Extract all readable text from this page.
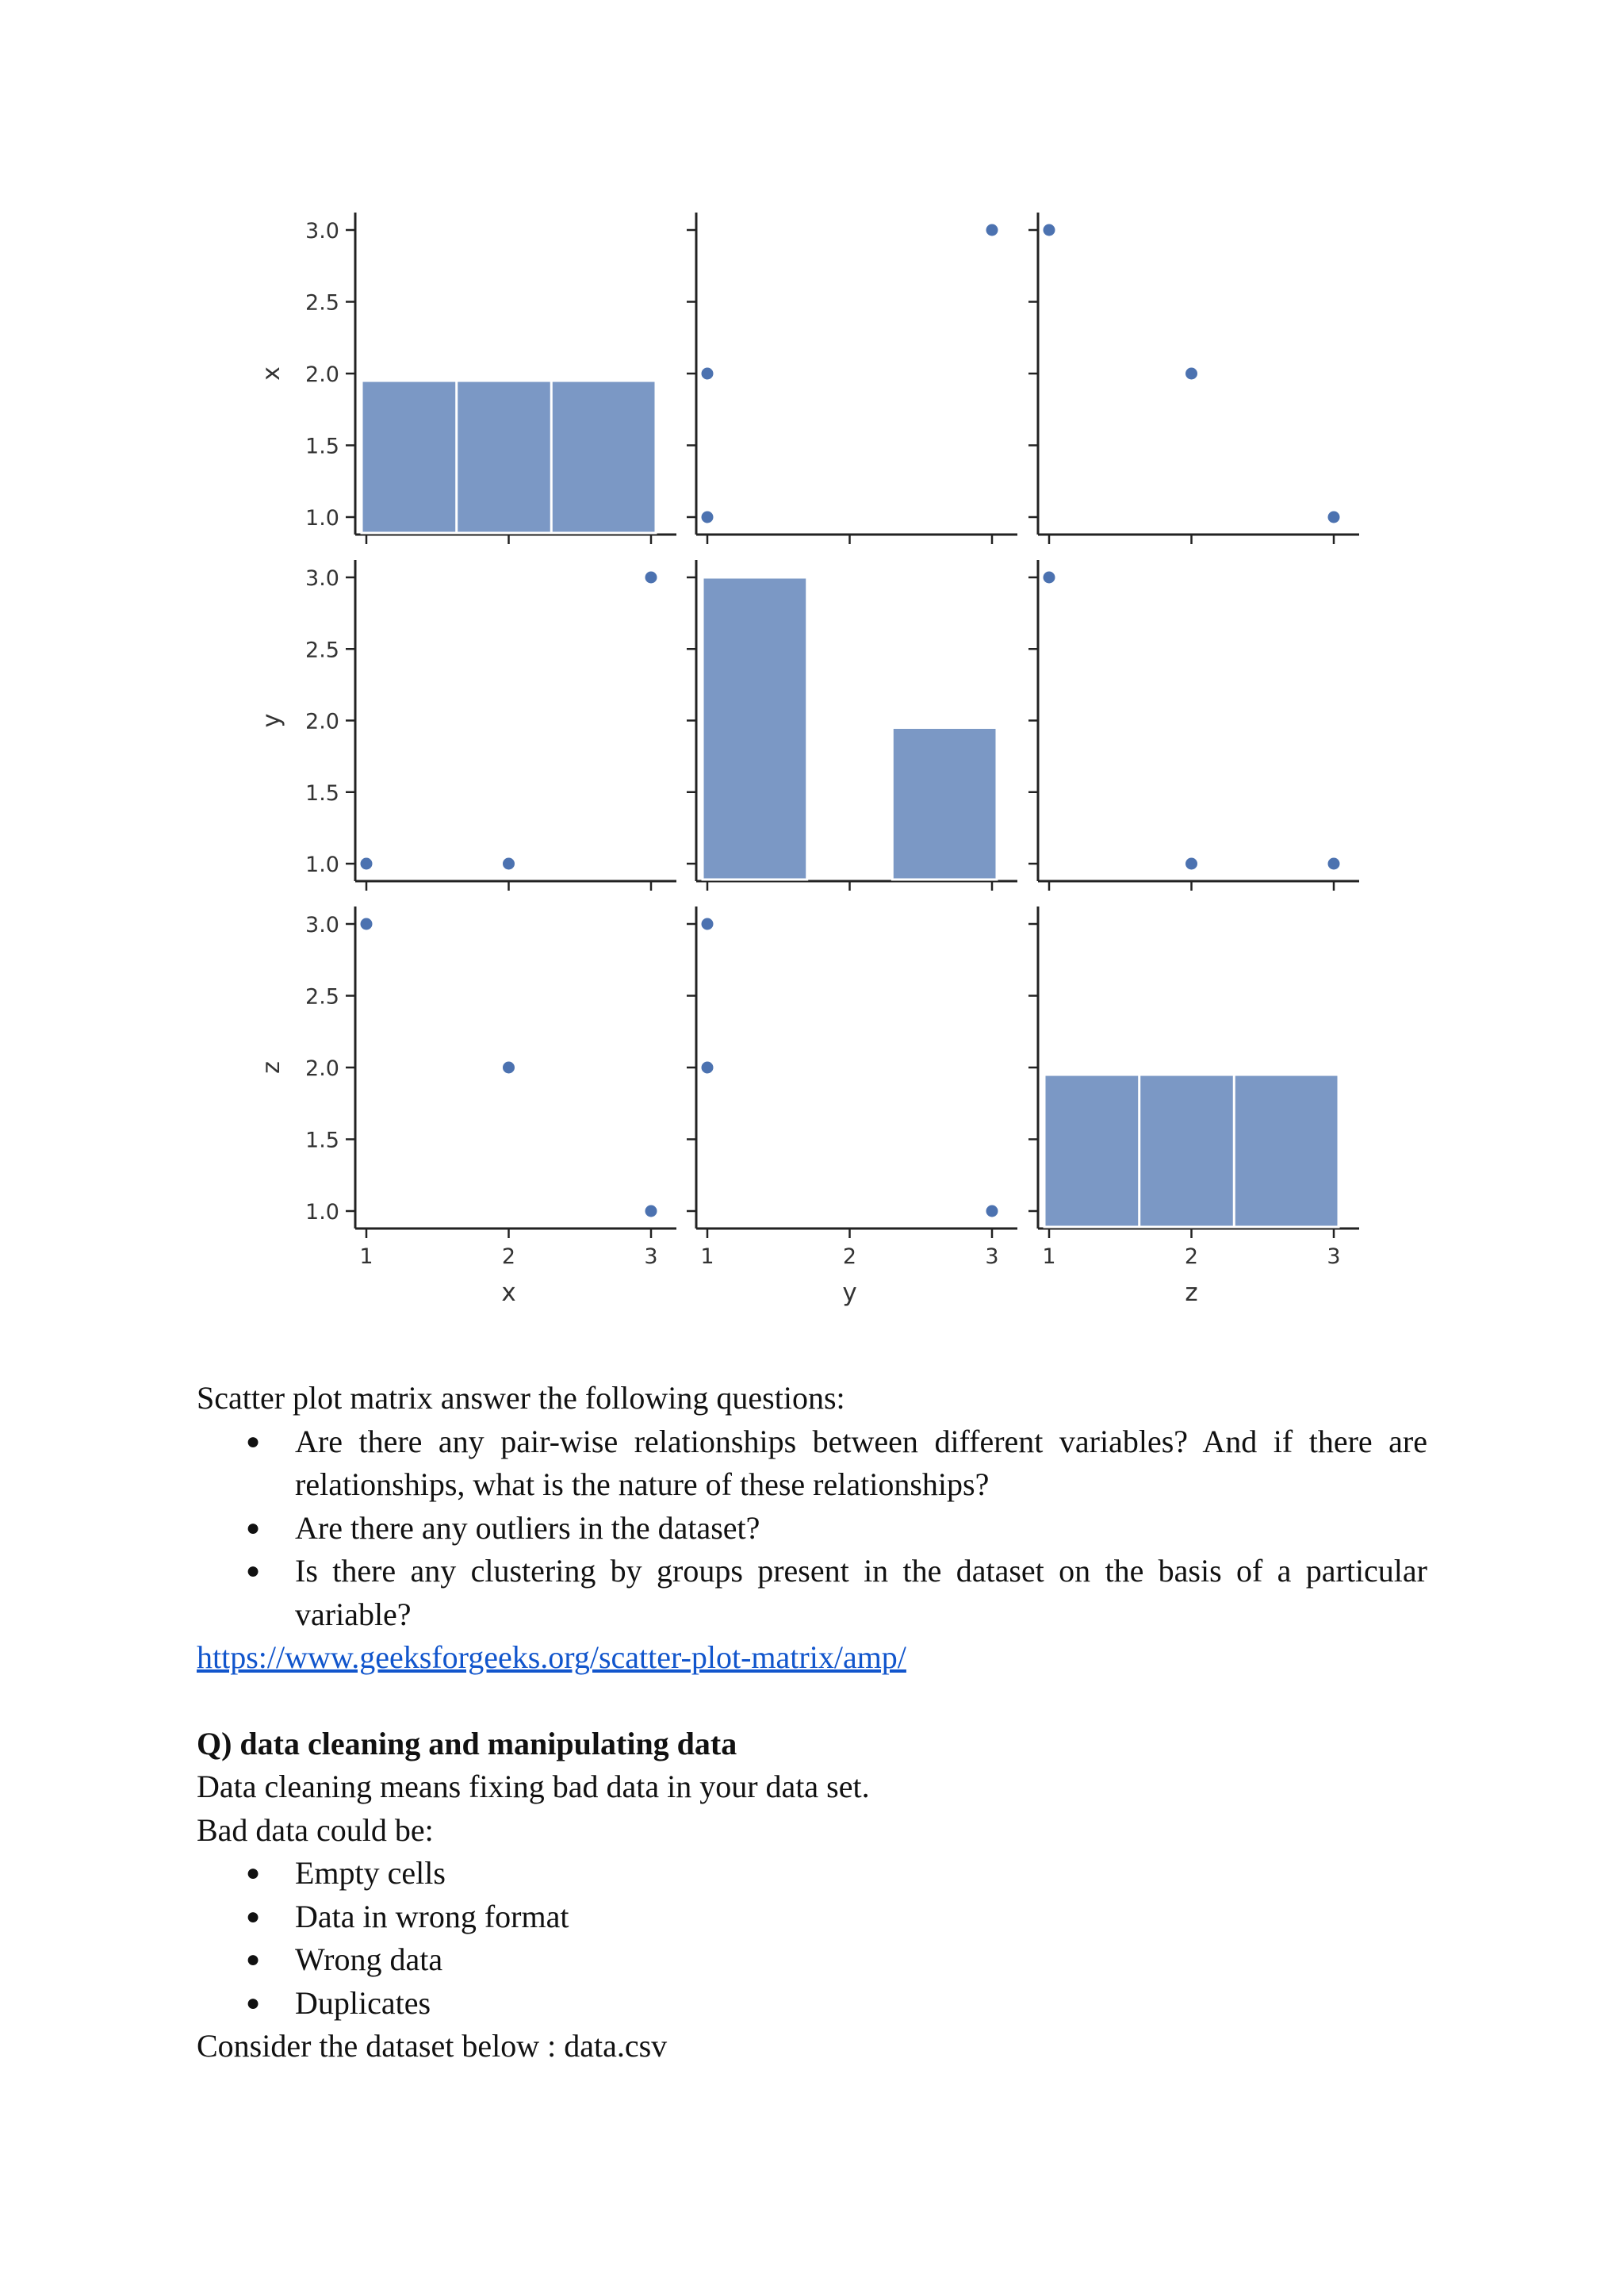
1.0
1.5
2.0
2.5
3.0
x
1.0
1.5
2.0
2.5
3.0
y
1.0
1.5
2.0
2.5
3.0
1	2	3 1	2	3 1	2	3
z
x	y	z

Scatter plot matrix answer the following questions:

● Are there any pair-wise relationships between different variables? And if there are relationships, what is the nature of these relationships?
● Are there any outliers in the dataset?
● Is there any clustering by groups present in the dataset on the basis of a particular variable?

https://www.geeksforgeeks.org/scatter-plot-matrix/amp/

Q) data cleaning and manipulating data

Data cleaning means fixing bad data in your data set.

Bad data could be:

● Empty cells
● Data in wrong format
● Wrong data
● Duplicates

Consider the dataset below : data.csv
